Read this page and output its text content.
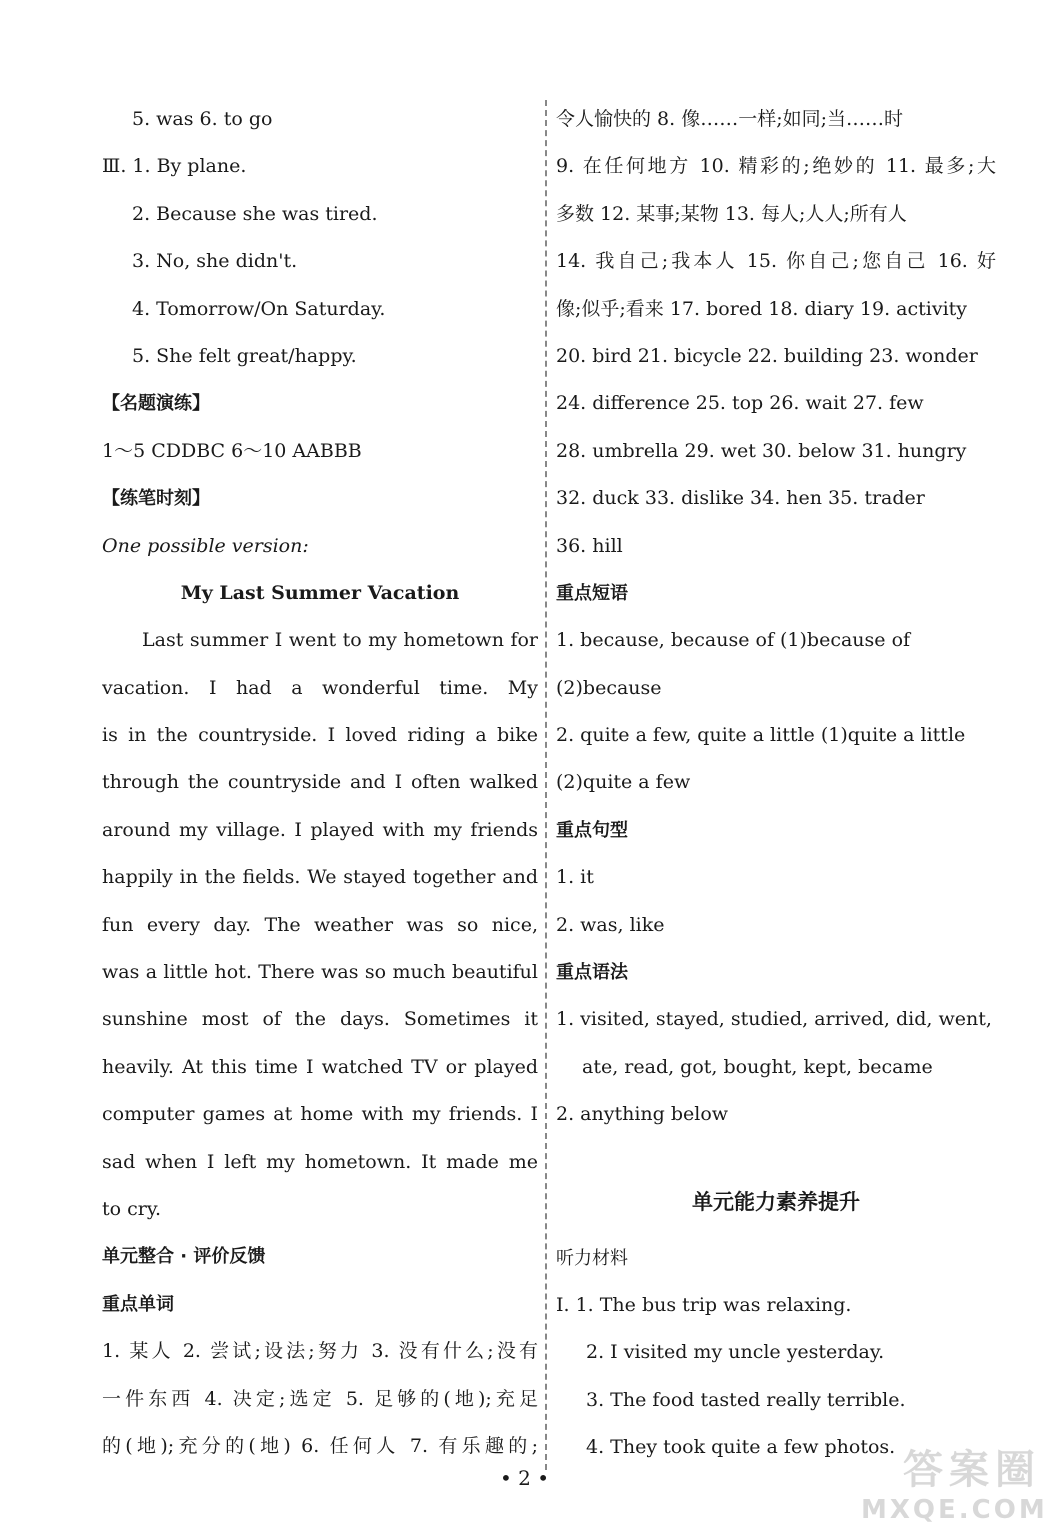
5. was 6. to go
Ⅲ. 1. By plane.
2. Because she was tired.
3. No, she didn't.
4. Tomorrow/On Saturday.
5. She felt great/happy.
【名题演练】
1～5 CDDBC 6～10 AABBB
【练笔时刻】
One possible version:
My Last Summer Vacation
Last summer I went to my hometown for
vacation. I had a wonderful time. My
is in the countryside. I loved riding a bike
through the countryside and I often walked
around my village. I played with my friends
happily in the fields. We stayed together and
fun every day. The weather was so nice,
was a little hot. There was so much beautiful
sunshine most of the days. Sometimes it
heavily. At this time I watched TV or played
computer games at home with my friends. I
sad when I left my hometown. It made me
to cry.
单元整合 · 评价反馈
重点单词
1. 某人 2. 尝试;设法;努力 3. 没有什么;没有
一件东西 4. 决定;选定 5. 足够的(地);充足
的(地);充分的(地) 6. 任何人 7. 有乐趣的;
令人愉快的 8. 像……一样;如同;当……时
9. 在任何地方 10. 精彩的;绝妙的 11. 最多;大
多数 12. 某事;某物 13. 每人;人人;所有人
14. 我自己;我本人 15. 你自己;您自己 16. 好
像;似乎;看来 17. bored 18. diary 19. activity
20. bird 21. bicycle 22. building 23. wonder
24. difference 25. top 26. wait 27. few
28. umbrella 29. wet 30. below 31. hungry
32. duck 33. dislike 34. hen 35. trader
36. hill
重点短语
1. because, because of (1)because of
(2)because
2. quite a few, quite a little (1)quite a little
(2)quite a few
重点句型
1. it
2. was, like
重点语法
1. visited, stayed, studied, arrived, did, went,
ate, read, got, bought, kept, became
2. anything below
单元能力素养提升
听力材料
Ⅰ. 1. The bus trip was relaxing.
2. I visited my uncle yesterday.
3. The food tasted really terrible.
4. They took quite a few photos.
• 2 •	答案圈
MXQE.COM
